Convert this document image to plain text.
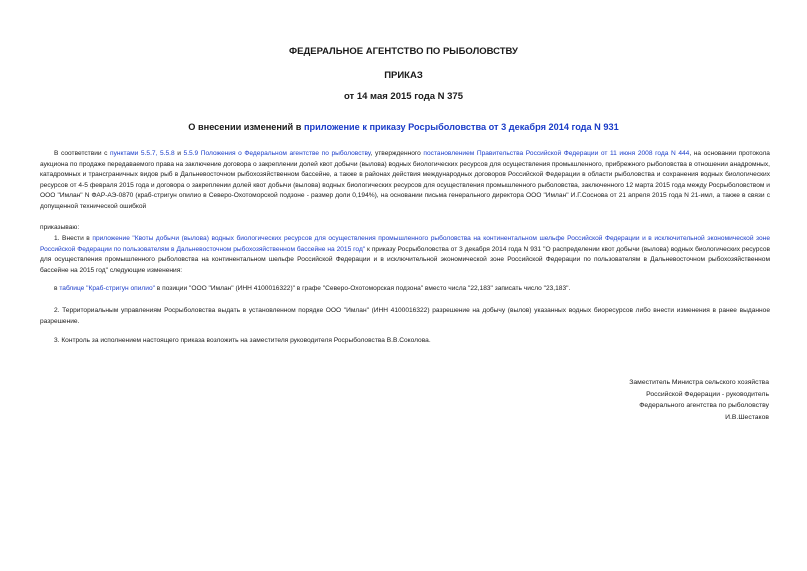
ФЕДЕРАЛЬНОЕ АГЕНТСТВО ПО РЫБОЛОВСТВУ
ПРИКАЗ
от 14 мая 2015 года N 375
О внесении изменений в приложение к приказу Росрыболовства от 3 декабря 2014 года N 931
В соответствии с пунктами 5.5.7, 5.5.8 и 5.5.9 Положения о Федеральном агентстве по рыболовству, утвержденного постановлением Правительства Российской Федерации от 11 июня 2008 года N 444, на основании протокола аукциона по продаже передаваемого права на заключение договора о закреплении долей квот добычи (вылова) водных биологических ресурсов для осуществления промышленного, прибрежного рыболовства в отношении анадромных, катадромных и трансграничных видов рыб в Дальневосточном рыбохозяйственном бассейне, а также в районах действия международных договоров Российской Федерации в области рыболовства и сохранения водных биологических ресурсов от 4-5 февраля 2015 года и договора о закреплении долей квот добычи (вылова) водных биологических ресурсов для осуществления промышленного рыболовства, заключенного 12 марта 2015 года между Росрыболовством и ООО "Имлан" N ФАР-АЭ-0870 (краб-стригун опилио в Северо-Охотоморской подзоне - размер доли 0,194%), на основании письма генерального директора ООО "Имлан" И.Г.Соснова от 21 апреля 2015 года N 21-имл, а также в связи с допущенной технической ошибкой
приказываю:
1. Внести в приложение "Квоты добычи (вылова) водных биологических ресурсов для осуществления промышленного рыболовства на континентальном шельфе Российской Федерации и в исключительной экономической зоне Российской Федерации по пользователям в Дальневосточном рыбохозяйственном бассейне на 2015 год" к приказу Росрыболовства от 3 декабря 2014 года N 931 "О распределении квот добычи (вылова) водных биологических ресурсов для осуществления промышленного рыболовства на континентальном шельфе Российской Федерации и в исключительной экономической зоне Российской Федерации по пользователям в Дальневосточном рыбохозяйственном бассейне на 2015 год" следующие изменения:
в таблице "Краб-стригун опилио" в позиции "ООО "Имлан" (ИНН 4100016322)" в графе "Северо-Охотоморская подзона" вместо числа "22,183" записать число "23,183".
2. Территориальным управлениям Росрыболовства выдать в установленном порядке ООО "Имлан" (ИНН 4100016322) разрешение на добычу (вылов) указанных водных биоресурсов либо внести изменения в ранее выданное разрешение.
3. Контроль за исполнением настоящего приказа возложить на заместителя руководителя Росрыболовства В.В.Соколова.
Заместитель Министра сельского хозяйства
Российской Федерации - руководитель
Федерального агентства по рыболовству
И.В.Шестаков
